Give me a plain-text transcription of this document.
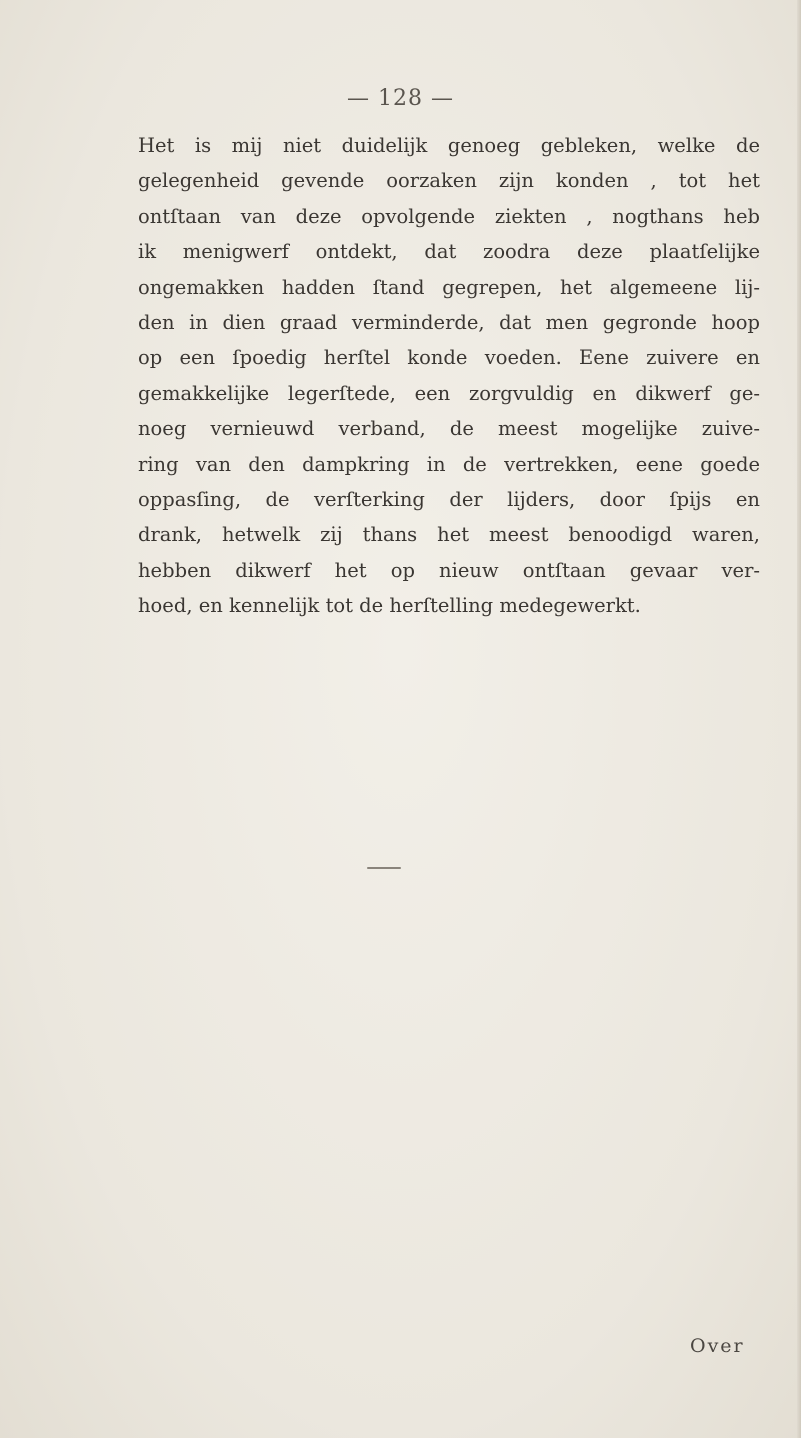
— 128 —
Het is mij niet duidelijk genoeg gebleken, welke de
gelegenheid gevende oorzaken zijn konden , tot het
ontſtaan van deze opvolgende ziekten , nogthans heb
ik menigwerf ontdekt, dat zoodra deze plaatſelijke
ongemakken hadden ſtand gegrepen, het algemeene lij-
den in dien graad verminderde, dat men gegronde hoop
op een ſpoedig herſtel konde voeden. Eene zuivere en
gemakkelijke legerſtede, een zorgvuldig en dikwerf ge-
noeg vernieuwd verband, de meest mogelijke zuive-
ring van den dampkring in de vertrekken, eene goede
oppasſing, de verſterking der lijders, door ſpijs en
drank, hetwelk zij thans het meest benoodigd waren,
hebben dikwerf het op nieuw ontſtaan gevaar ver-
hoed, en kennelijk tot de herſtelling medegewerkt.
Over
